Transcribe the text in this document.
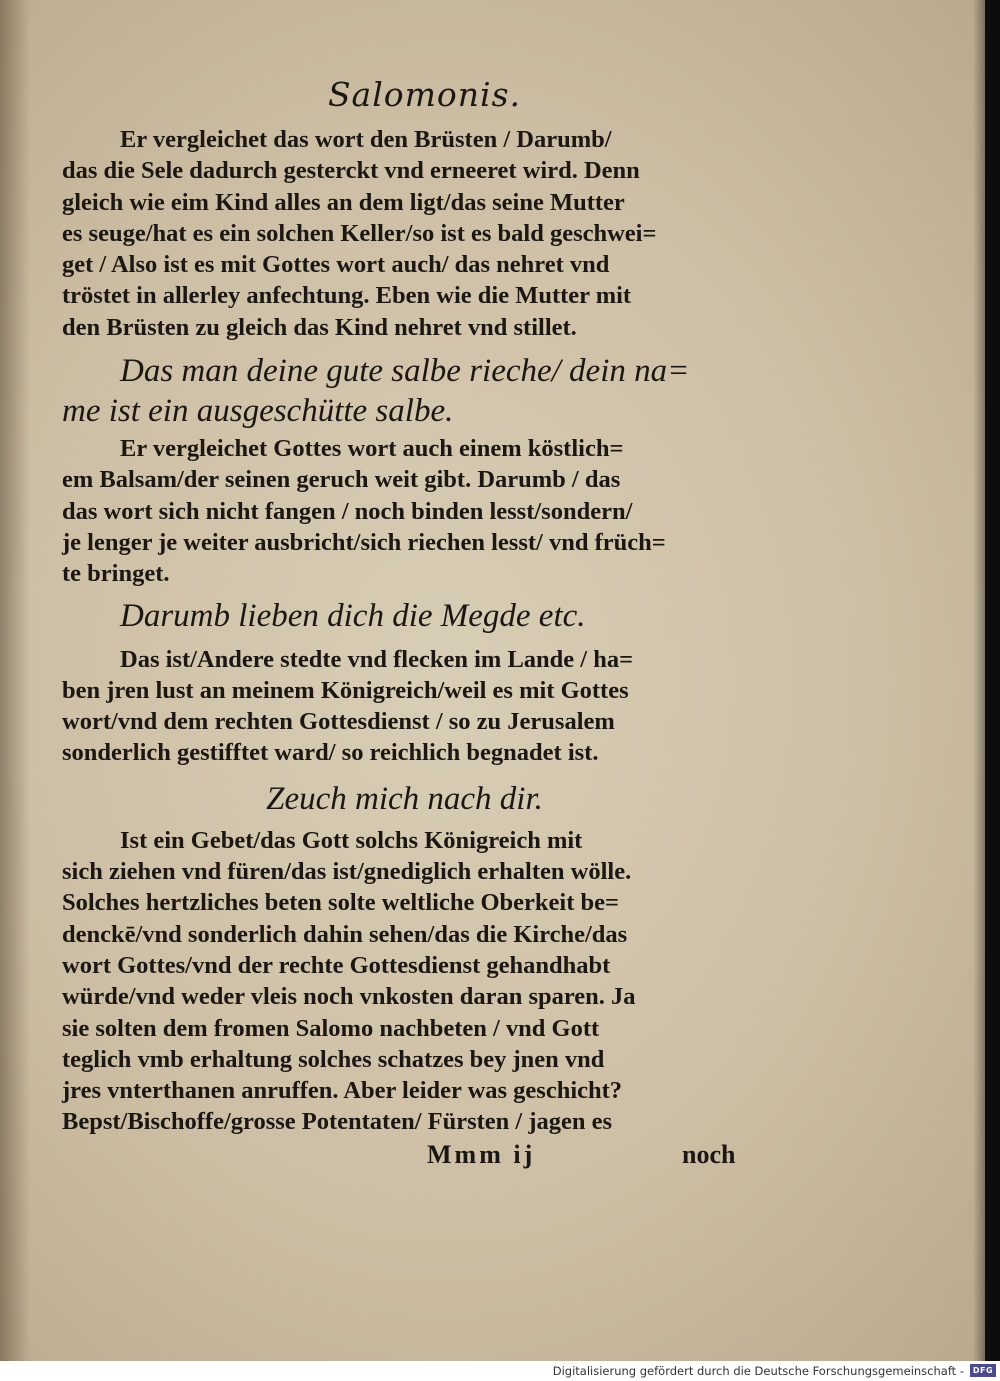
Salomonis.
Er vergleichet das wort den Brüsten / Darumb/
das die Sele dadurch gesterckt vnd erneeret wird. Denn
gleich wie eim Kind alles an dem ligt/das seine Mutter
es seuge/hat es ein solchen Keller/so ist es bald geschwei=
get / Also ist es mit Gottes wort auch/ das nehret vnd
tröstet in allerley anfechtung. Eben wie die Mutter mit
den Brüsten zu gleich das Kind nehret vnd stillet.
Das man deine gute salbe rieche/ dein na=
me ist ein ausgeschütte salbe.
Er vergleichet Gottes wort auch einem köstlich=
em Balsam/der seinen geruch weit gibt. Darumb / das
das wort sich nicht fangen / noch binden lesst/sondern/
je lenger je weiter ausbricht/sich riechen lesst/ vnd früch=
te bringet.
Darumb lieben dich die Megde etc.
Das ist/Andere stedte vnd flecken im Lande / ha=
ben jren lust an meinem Königreich/weil es mit Gottes
wort/vnd dem rechten Gottesdienst / so zu Jerusalem
sonderlich gestifftet ward/ so reichlich begnadet ist.
Zeuch mich nach dir.
Ist ein Gebet/das Gott solchs Königreich mit
sich ziehen vnd füren/das ist/gnediglich erhalten wölle.
Solches hertzliches beten solte weltliche Oberkeit be=
denckē/vnd sonderlich dahin sehen/das die Kirche/das
wort Gottes/vnd der rechte Gottesdienst gehandhabt
würde/vnd weder vleis noch vnkosten daran sparen. Ja
sie solten dem fromen Salomo nachbeten / vnd Gott
teglich vmb erhaltung solches schatzes bey jnen vnd
jres vnterthanen anruffen. Aber leider was geschicht?
Bepst/Bischoffe/grosse Potentaten/ Fürsten / jagen es
Mmm ij	noch
Digitalisierung gefördert durch die Deutsche Forschungsgemeinschaft -	DFG
